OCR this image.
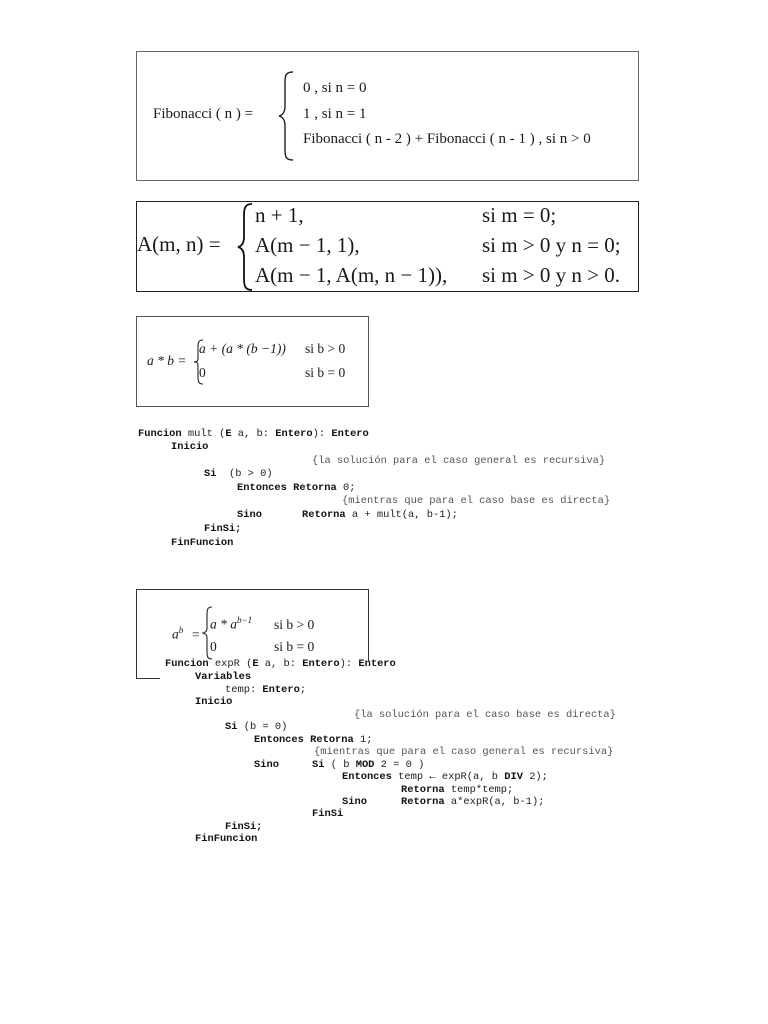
Fibonacci ( n ) =
0 , si n = 0
1 , si n = 1
Fibonacci ( n - 2 ) + Fibonacci ( n - 1 ) , si n > 0
A(m, n) =
n + 1,	si m = 0;
A(m − 1, 1),	si m > 0 y n = 0;
A(m − 1, A(m, n − 1)), si m > 0 y n > 0.
a * b =
a + (a * (b −1)) si b > 0
0	si b = 0
Funcion mult (E a, b: Entero): Entero
Inicio
{la solución para el caso general es recursiva}
Si (b > 0)
Entonces Retorna 0;
{mientras que para el caso base es directa}
Sino	Retorna a + mult(a, b-1);
FinSi;
FinFuncion
$a^b$ =
a * $a^{b-1}$ si b > 0
0	si b = 0
Funcion expR (E a, b: Entero): Entero
Variables
temp: Entero;
Inicio
{la solución para el caso base es directa}
Si (b = 0)
Entonces Retorna 1;
{mientras que para el caso general es recursiva}
Sino	Si ( b MOD 2 = 0 )
Entonces temp ← expR(a, b DIV 2);
Retorna temp*temp;
Sino	Retorna a*expR(a, b-1);
FinSi
FinSi;
FinFuncion
